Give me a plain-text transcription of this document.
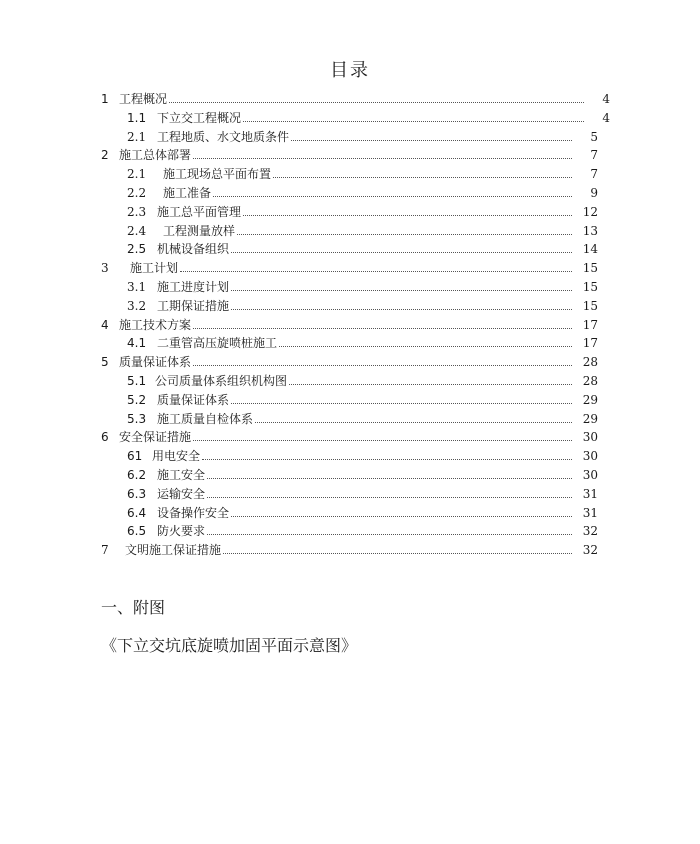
目录
1 工程概况	4
1.1 下立交工程概况	4
2.1 工程地质、水文地质条件	5
2 施工总体部署	7
2.1 施工现场总平面布置	7
2.2 施工准备	9
2.3 施工总平面管理	12
2.4 工程测量放样	13
2.5 机械设备组织	14
3 施工计划	15
3.1 施工进度计划	15
3.2 工期保证措施	15
4 施工技术方案	17
4.1 二重管高压旋喷桩施工	17
5 质量保证体系	28
5.1 公司质量体系组织机构图	28
5.2 质量保证体系	29
5.3 施工质量自检体系	29
6 安全保证措施	30
61 用电安全	30
6.2 施工安全	30
6.3 运输安全	31
6.4 设备操作安全	31
6.5 防火要求	32
7 文明施工保证措施	32
一、附图
《下立交坑底旋喷加固平面示意图》
